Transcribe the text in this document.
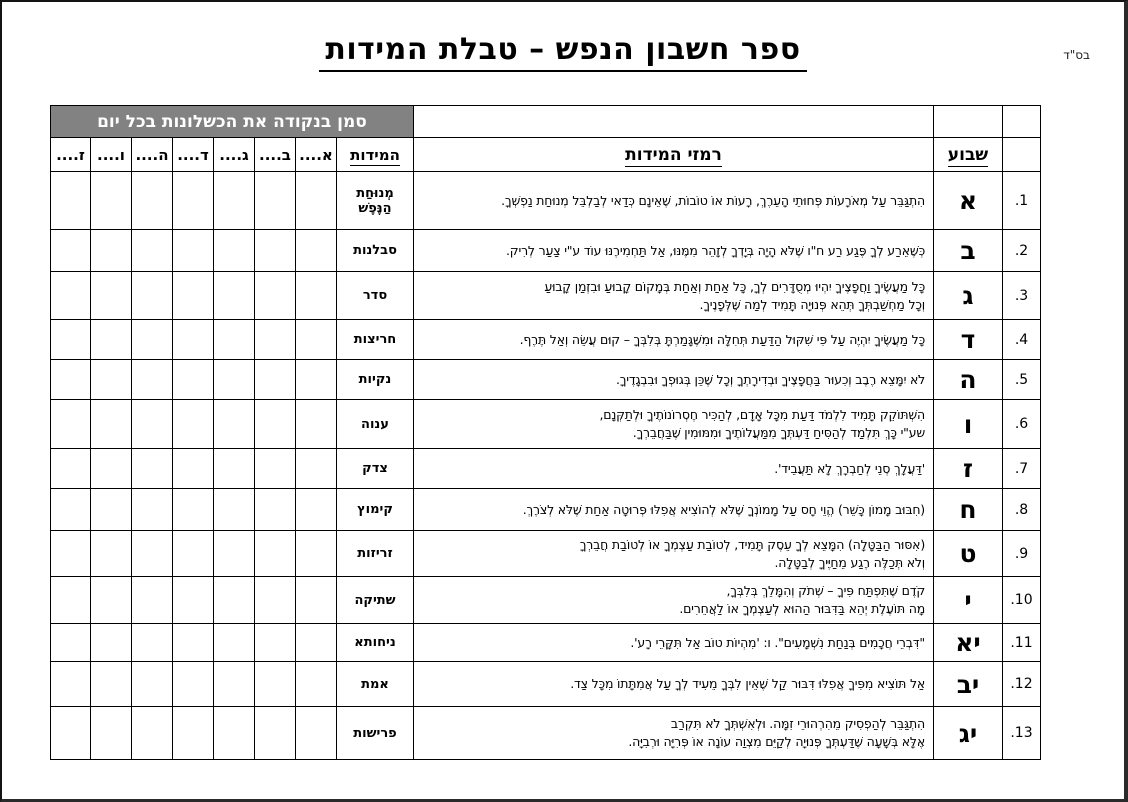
בס"ד
ספר חשבון הנפש – טבלת המידות
			סמן בנקודה את הכשלונות בכל יום							
	שבוע	רמזי המידות	המידות	א....	ב....	ג....	ד....	ה....	ו....	ז....
.1	א	הִתְגַּבֵּר עַל מְאֹרָעוֹת פְּחוּתֵי הָעֵרֶךְ, רָעוֹת אוֹ טוֹבוֹת, שֶׁאֵינָם כְּדַאי לְבַלְבֵּל מְנוּחַת נַפְשְׁךָ.	מְנוּחַת הַנֶּפֶשׁ							
.2	ב	כְּשֶׁאֵרַע לְךָ פֶּגַע רַע ח"ו שֶׁלֹּא הָיָה בְּיָדְךָ לְזָהֵר מִמֶּנּוּ, אַל תַּחְמִירֶנּוּ עוֹד ע"י צַעַר לְרִיק.	סבלנות							
.3	ג	כָּל מַעֲשֶׂיךָ וַחֲפָצֶיךָ יִהְיוּ מְסֻדָּרִים לְךָ, כָּל אַחַת וְאַחַת בְּמָקוֹם קָבוּעַ וּבִזְמַן קָבוּעַ
וְכָל מַחְשַׁבְתְּךָ תְּהֵא פְּנוּיָה תָּמִיד לְמַה שֶּׁלְּפָנֶיךָ.	סדר							
.4	ד	כָּל מַעֲשֶׂיךָ יִהְיֶה עַל פִּי שִׁקּוּל הַדַּעַת תְּחִלָּה וּמִשֶּׁגָּמַרְתָּ בְּלִבְּךָ – קוּם עֲשֵׂה וְאַל תֶּרֶף.	חריצות							
.5	ה	לֹא יִמָּצֵא רֶבֶב וְכִעוּר בַּחֲפָצֶיךָ וּבְדִירָתְךָ וְכָל שֶׁכֵּן בְּגוּפְךָ וּבִבְגָדֶיךָ.	נקיות							
.6	ו	הִשְׁתּוֹקֵק תָּמִיד לִלְמֹד דַּעַת מִכָּל אָדָם, לְהַכִּיר חֶסְרוֹנוֹתֶיךָ וּלְתַקְּנָם,
שע"י כָּךְ תִּלְמַד לְהַסִּיחַ דַּעְתְּךָ מִמַּעֲלוֹתֶיךָ וּמִמּוּמִין שֶׁבַּחֲבֵרְךָ.	ענוה							
.7	ז	'דַּעֲלָךְ סְנֵי לְחַבְרָךְ לָא תַּעֲבֵיד'.	צדק							
.8	ח	(חִבּוּב מָמוֹן כָּשֵׁר) הֱוֵי חָס עַל מָמוֹנְךָ שֶׁלֹּא לְהוֹצִיא אֲפִלּוּ פְּרוּטָה אַחַת שֶׁלֹּא לְצֹרֶךְ.	קימוץ							
.9	ט	(אִסּוּר הַבַּטָּלָה) הִמָּצֵא לְךָ עֵסֶק תָּמִיד, לְטוֹבַת עַצְמְךָ אוֹ לְטוֹבַת חֲבֵרְךָ
וְלֹא תְּכַלֶּה רֶגַע מֵחַיֶּיךָ לְבַטָּלָה.	זריזות							
.10	י	קֹדֶם שֶׁתִּפְתַּח פִּיךָ – שְׁתֹק וְהִמָּלֵךְ בְּלִבְּךָ,
מָה תּוֹעֶלֶת יְהֵא בַּדִּבּוּר הַהוּא לְעַצְמְךָ אוֹ לַאֲחֵרִים.	שתיקה							
.11	יא	"דִּבְרֵי חֲכָמִים בְּנַחַת נִשְׁמָעִים". ו: 'מִהְיוֹת טוֹב אַל תִּקָּרֵי רָע'.	ניחותא							
.12	יב	אַל תּוֹצִיא מִפִּיךָ אֲפִלּוּ דִּבּוּר קַל שֶׁאֵין לִבְּךָ מֵעִיד לְךָ עַל אֲמִתָּתוֹ מִכָּל צַד.	אמת							
.13	יג	הִתְגַּבֵּר לְהַפְסִיק מֵהִרְהוּרֵי זִמָּה. וּלְאִשְׁתְּךָ לֹא תִּקְרַב
אֶלָּא בְּשָׁעָה שֶׁדַּעְתְּךָ פְּנוּיָה לְקַיֵּם מִצְוַה עוֹנָה אוֹ פְּרִיָּה וּרְבִיָּה.	פרישות							
